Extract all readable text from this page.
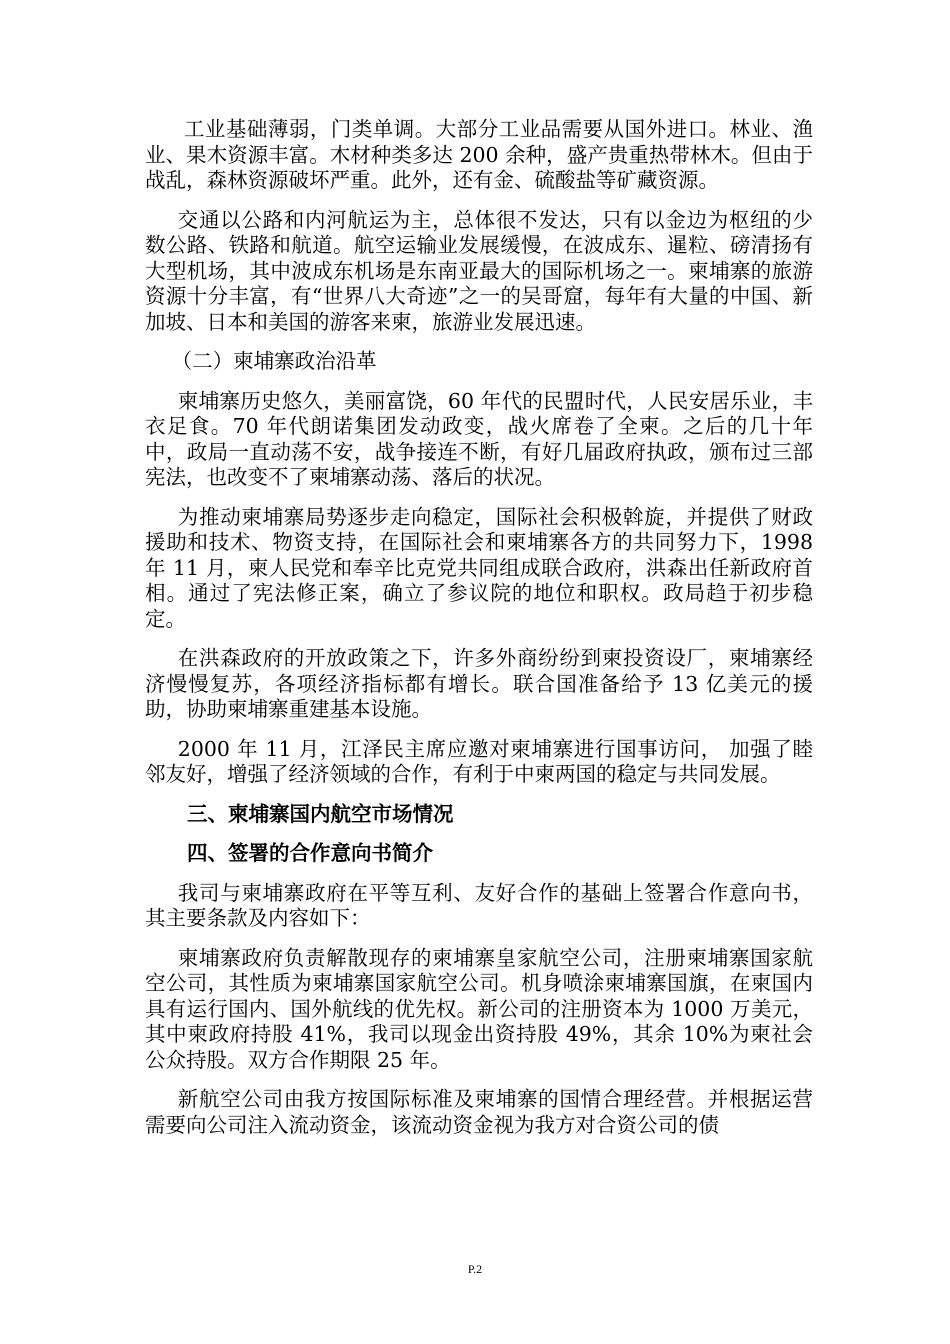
工业基础薄弱，门类单调。大部分工业品需要从国外进口。林业、渔业、果木资源丰富。木材种类多达 200 余种，盛产贵重热带林木。但由于战乱，森林资源破坏严重。此外，还有金、硫酸盐等矿藏资源。

交通以公路和内河航运为主，总体很不发达，只有以金边为枢纽的少数公路、铁路和航道。航空运输业发展缓慢，在波成东、暹粒、磅清扬有大型机场，其中波成东机场是东南亚最大的国际机场之一。柬埔寨的旅游资源十分丰富，有“世界八大奇迹”之一的吴哥窟，每年有大量的中国、新加坡、日本和美国的游客来柬，旅游业发展迅速。

（二）柬埔寨政治沿革

柬埔寨历史悠久，美丽富饶，60 年代的民盟时代，人民安居乐业，丰衣足食。70 年代朗诺集团发动政变，战火席卷了全柬。之后的几十年中，政局一直动荡不安，战争接连不断，有好几届政府执政，颁布过三部宪法，也改变不了柬埔寨动荡、落后的状况。

为推动柬埔寨局势逐步走向稳定，国际社会积极斡旋，并提供了财政援助和技术、物资支持，在国际社会和柬埔寨各方的共同努力下，1998 年 11 月，柬人民党和奉辛比克党共同组成联合政府，洪森出任新政府首相。通过了宪法修正案，确立了参议院的地位和职权。政局趋于初步稳定。

在洪森政府的开放政策之下，许多外商纷纷到柬投资设厂，柬埔寨经济慢慢复苏，各项经济指标都有增长。联合国准备给予 13 亿美元的援助，协助柬埔寨重建基本设施。

2000 年 11 月，江泽民主席应邀对柬埔寨进行国事访问， 加强了睦邻友好，增强了经济领域的合作，有利于中柬两国的稳定与共同发展。

三、柬埔寨国内航空市场情况

四、签署的合作意向书简介

我司与柬埔寨政府在平等互利、友好合作的基础上签署合作意向书，其主要条款及内容如下：

柬埔寨政府负责解散现存的柬埔寨皇家航空公司，注册柬埔寨国家航空公司，其性质为柬埔寨国家航空公司。机身喷涂柬埔寨国旗，在柬国内具有运行国内、国外航线的优先权。新公司的注册资本为 1000 万美元，其中柬政府持股 41%，我司以现金出资持股 49%，其余 10%为柬社会公众持股。双方合作期限 25 年。

新航空公司由我方按国际标准及柬埔寨的国情合理经营。并根据运营需要向公司注入流动资金，该流动资金视为我方对合资公司的债

P.2
